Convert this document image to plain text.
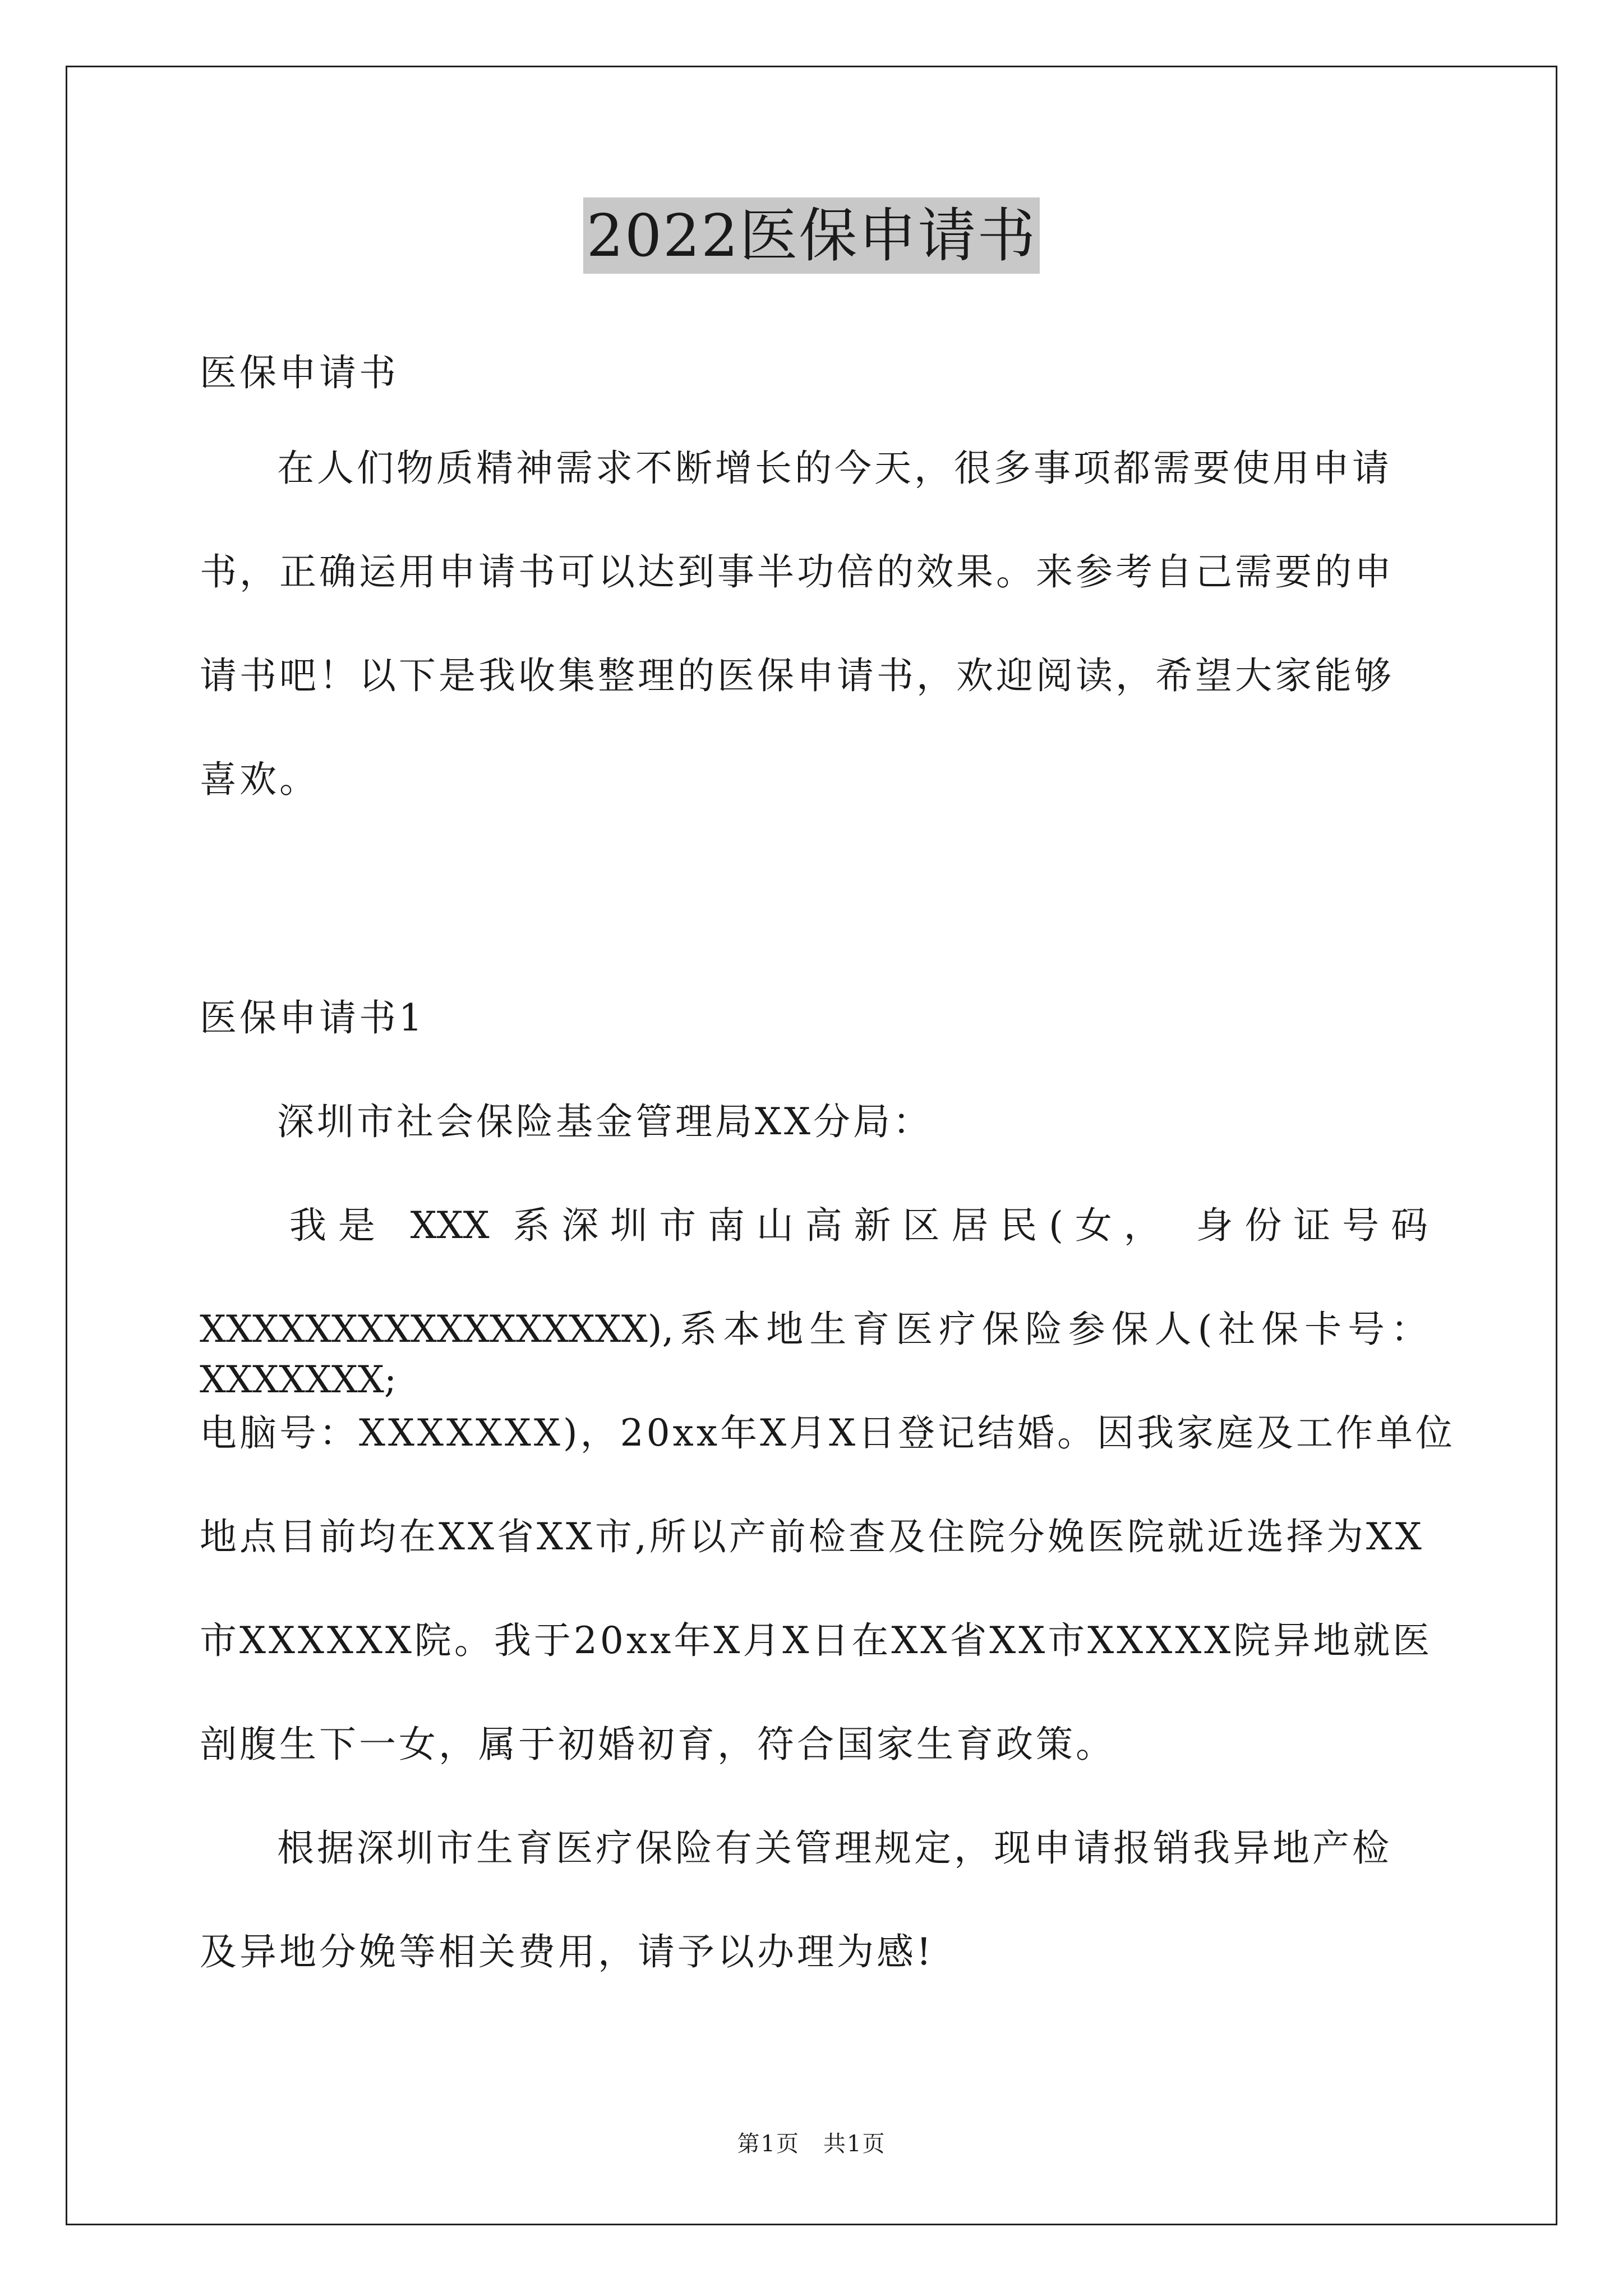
2022医保申请书
医保申请书
在人们物质精神需求不断增长的今天，很多事项都需要使用申请
书，正确运用申请书可以达到事半功倍的效果。来参考自己需要的申
请书吧！以下是我收集整理的医保申请书，欢迎阅读，希望大家能够
喜欢。
医保申请书1
深圳市社会保险基金管理局XX分局：
我是 XXX 系深圳市南山高新区居民(女， 身份证号码
XXXXXXXXXXXXXXXXX),系本地生育医疗保险参保人(社保卡号： XXXXXXX;
电脑号：XXXXXXX)，20xx年X月X日登记结婚。因我家庭及工作单位
地点目前均在XX省XX市,所以产前检查及住院分娩医院就近选择为XX
市XXXXXX院。我于20xx年X月X日在XX省XX市XXXXX院异地就医
剖腹生下一女，属于初婚初育，符合国家生育政策。
根据深圳市生育医疗保险有关管理规定，现申请报销我异地产检
及异地分娩等相关费用，请予以办理为感!
第1页　共1页
